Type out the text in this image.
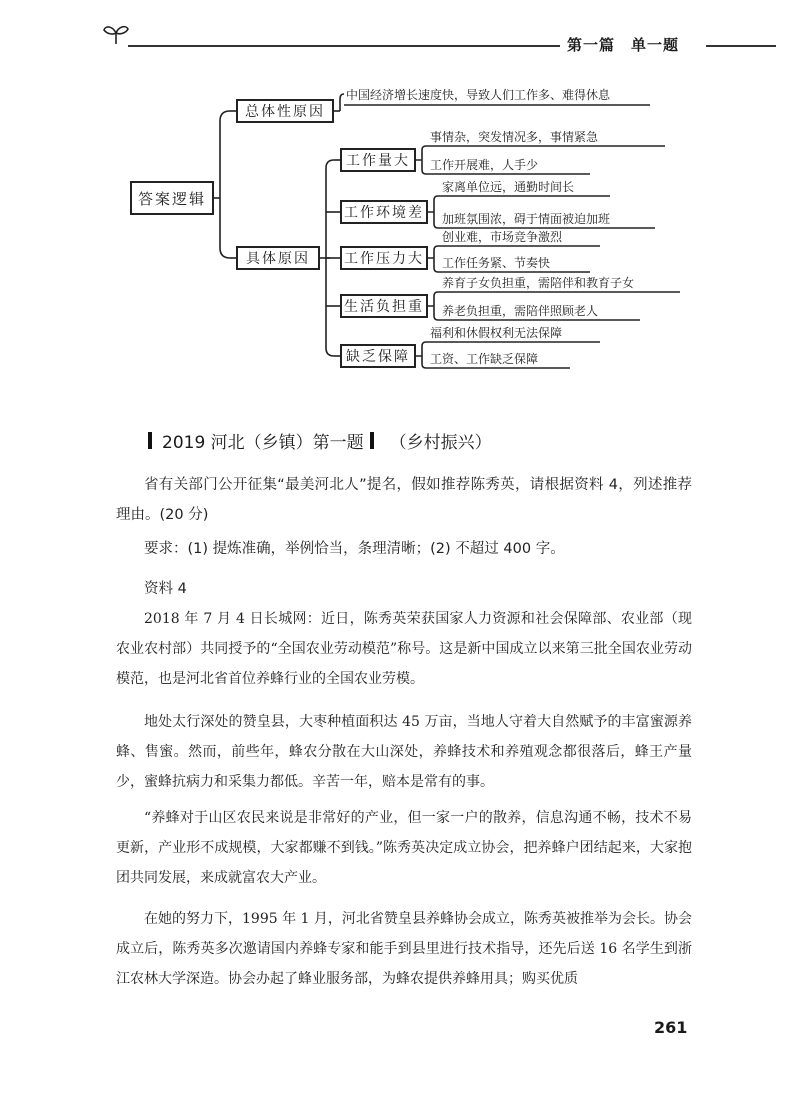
第一篇　单一题
答案逻辑
总体性原因
中国经济增长速度快，导致人们工作多、难得休息
具体原因
工作量大
事情杂，突发情况多，事情紧急
工作开展难，人手少
工作环境差
家离单位远，通勤时间长
加班氛围浓，碍于情面被迫加班
工作压力大
创业难，市场竞争激烈
工作任务紧、节奏快
生活负担重
养育子女负担重，需陪伴和教育子女
养老负担重，需陪伴照顾老人
缺乏保障
福利和休假权利无法保障
工资、工作缺乏保障
2019 河北（乡镇）第一题 （乡村振兴）

省有关部门公开征集“最美河北人”提名，假如推荐陈秀英，请根据资料 4，列述推荐理由。(20 分)

要求：(1) 提炼准确，举例恰当，条理清晰；(2) 不超过 400 字。

资料 4

2018 年 7 月 4 日长城网：近日，陈秀英荣获国家人力资源和社会保障部、农业部（现农业农村部）共同授予的“全国农业劳动模范”称号。这是新中国成立以来第三批全国农业劳动模范，也是河北省首位养蜂行业的全国农业劳模。

地处太行深处的赞皇县，大枣种植面积达 45 万亩，当地人守着大自然赋予的丰富蜜源养蜂、售蜜。然而，前些年，蜂农分散在大山深处，养蜂技术和养殖观念都很落后，蜂王产量少，蜜蜂抗病力和采集力都低。辛苦一年，赔本是常有的事。

“养蜂对于山区农民来说是非常好的产业，但一家一户的散养，信息沟通不畅，技术不易更新，产业形不成规模，大家都赚不到钱。”陈秀英决定成立协会，把养蜂户团结起来，大家抱团共同发展，来成就富农大产业。

在她的努力下，1995 年 1 月，河北省赞皇县养蜂协会成立，陈秀英被推举为会长。协会成立后，陈秀英多次邀请国内养蜂专家和能手到县里进行技术指导，还先后送 16 名学生到浙江农林大学深造。协会办起了蜂业服务部，为蜂农提供养蜂用具；购买优质

261
